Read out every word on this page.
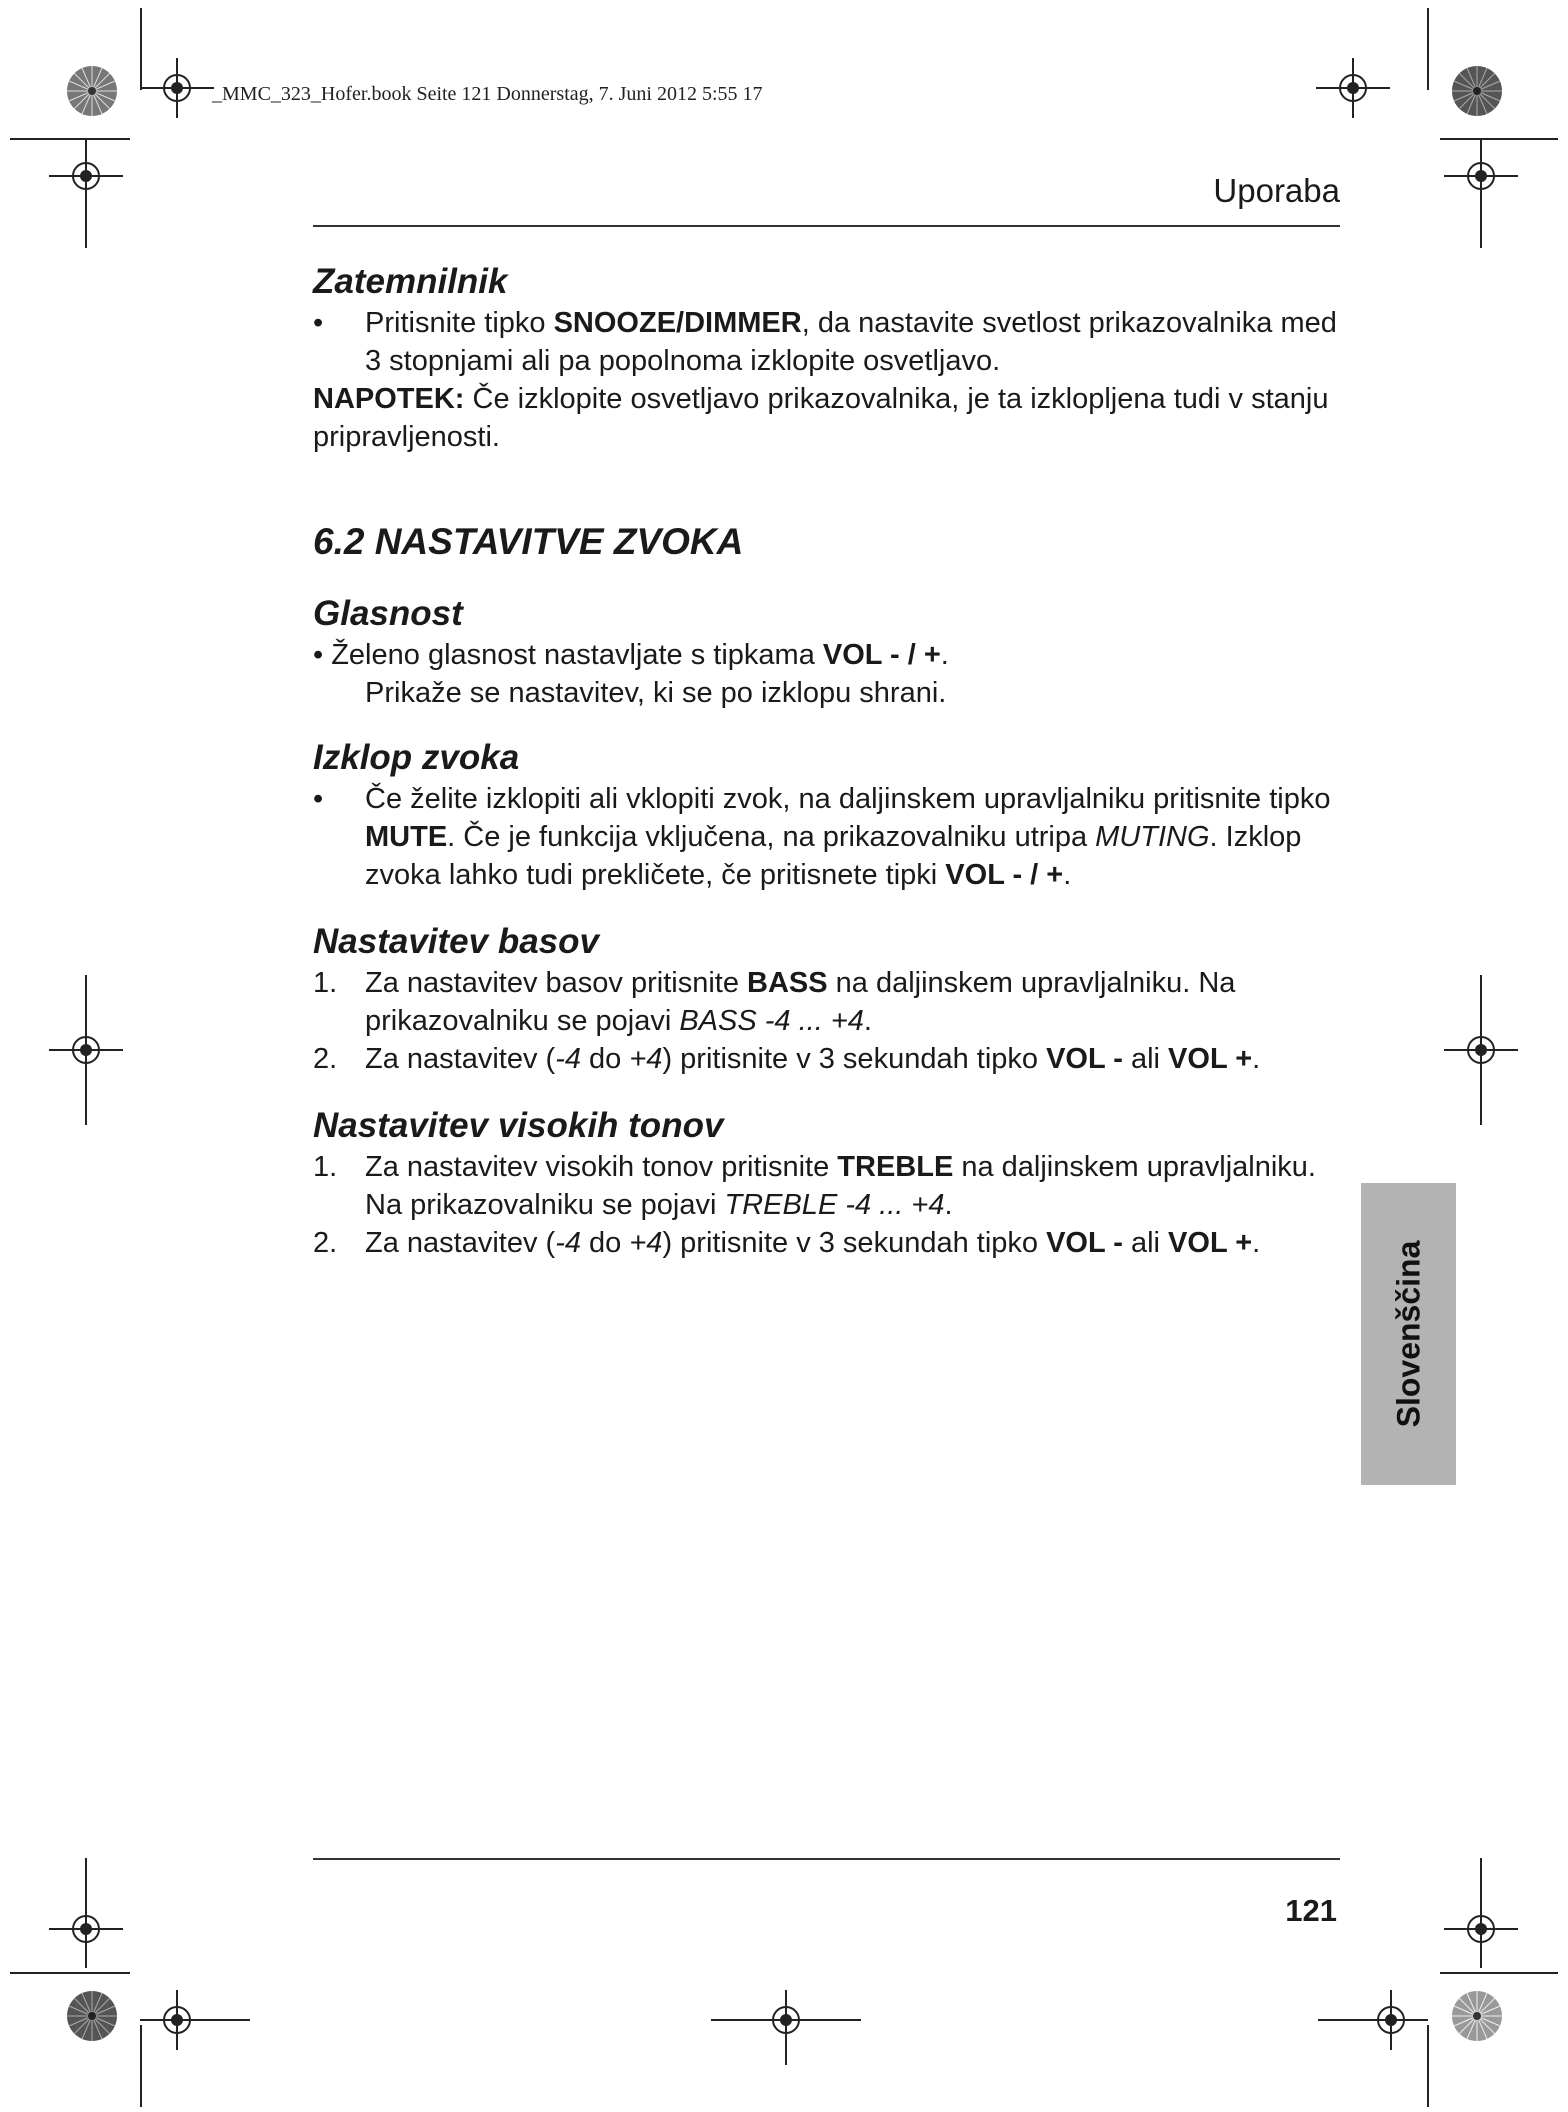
_MMC_323_Hofer.book Seite 121 Donnerstag, 7. Juni 2012 5:55 17
Uporaba
Zatemnilnik
• Pritisnite tipko SNOOZE/DIMMER, da nastavite svetlost prikazovalnika med 3 stopnjami ali pa popolnoma izklopite osvetljavo.

NAPOTEK: Če izklopite osvetljavo prikazovalnika, je ta izklopljena tudi v stanju pripravljenosti.

6.2 NASTAVITVE ZVOKA
Glasnost
• Želeno glasnost nastavljate s tipkama VOL - / +.
Prikaže se nastavitev, ki se po izklopu shrani.
Izklop zvoka
• Če želite izklopiti ali vklopiti zvok, na daljinskem upravljalniku pritisnite tipko MUTE. Če je funkcija vključena, na prikazovalniku utripa MUTING. Izklop zvoka lahko tudi prekličete, če pritisnete tipki VOL - / +.
Nastavitev basov
1. Za nastavitev basov pritisnite BASS na daljinskem upravljalniku. Na prikazovalniku se pojavi BASS -4 ... +4.
2. Za nastavitev (-4 do +4) pritisnite v 3 sekundah tipko VOL - ali VOL +.
Nastavitev visokih tonov
1. Za nastavitev visokih tonov pritisnite TREBLE na daljinskem upravljalniku. Na prikazovalniku se pojavi TREBLE -4 ... +4.
2. Za nastavitev (-4 do +4) pritisnite v 3 sekundah tipko VOL - ali VOL +.	Slovenščina
121
